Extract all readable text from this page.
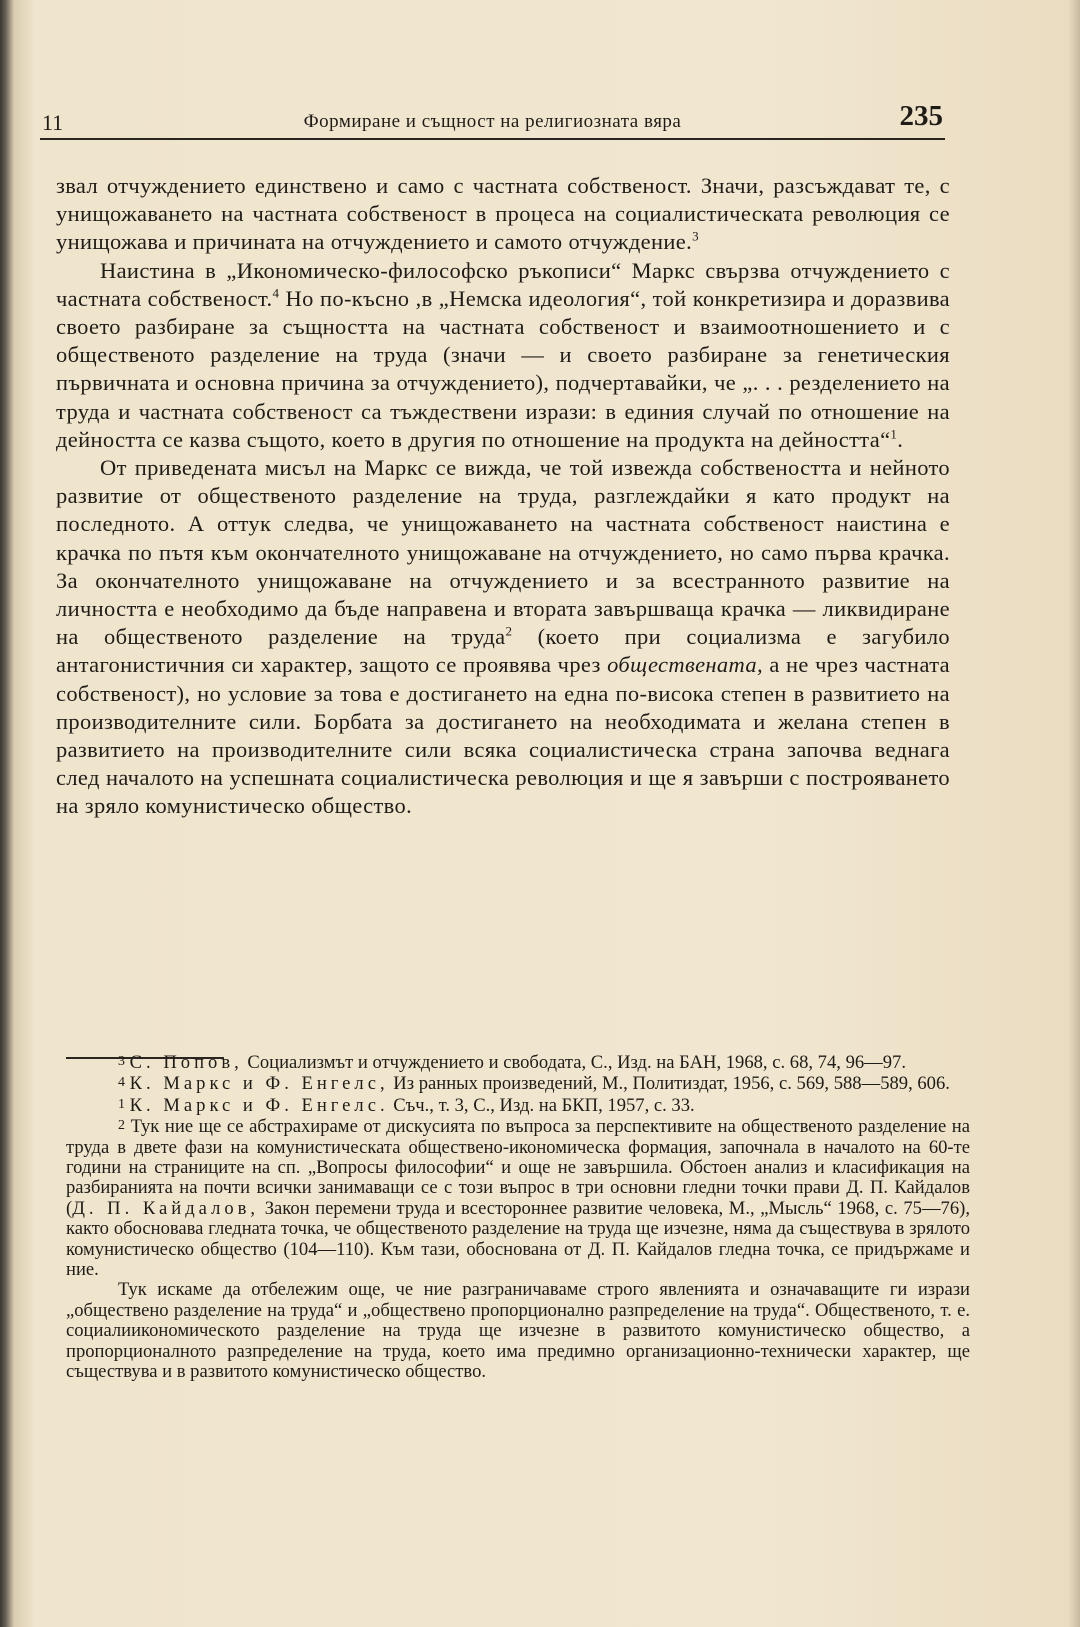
11	Формиране и същност на религиозната вяра	235

звал отчуждението единствено и само с частната собственост. Значи, разсъждават те, с унищожаването на частната собственост в процеса на социалистическата революция се унищожава и причината на отчуждението и самото отчуждение.$^3$

Наистина в „Икономическо-философско ръкописи“ Маркс свързва отчуждението с частната собственост.$^4$ Но по-късно ,в „Немска идеология“, той конкретизира и доразвива своето разбиране за същността на частната собственост и взаимоотношението и с общественото разделение на труда (значи — и своето разбиране за генетическия първичната и основна причина за отчуждението), подчертавайки, че „. . . резделението на труда и частната собственост са тъждествени изрази: в единия случай по отношение на дейността се казва същото, което в другия по отношение на продукта на дейността“$^1$.

От приведената мисъл на Маркс се вижда, че той извежда собствеността и нейното развитие от общественото разделение на труда, разглеждайки я като продукт на последното. А оттук следва, че унищожаването на частната собственост наистина е крачка по пътя към окончателното унищожаване на отчуждението, но само първа крачка. За окончателното унищожаване на отчуждението и за всестранното развитие на личността е необходимо да бъде направена и втората завършваща крачка — ликвидиране на общественото разделение на труда$^2$ (което при социализма е загубило антагонистичния си характер, защото се проявява чрез обществената, а не чрез частната собственост), но условие за това е достигането на една по-висока степен в развитието на производителните сили. Борбата за достигането на необходимата и желана степен в развитието на производителните сили всяка социалистическа страна започва веднага след началото на успешната социалистическа революция и ще я завърши с построяването на зряло комунистическо общество.

3 С. Попов, Социализмът и отчуждението и свободата, С., Изд. на БАН, 1968, с. 68, 74, 96—97.

4 К. Маркс и Ф. Енгелс, Из ранных произведений, М., Политиздат, 1956, с. 569, 588—589, 606.

1 К. Маркс и Ф. Енгелс. Съч., т. 3, С., Изд. на БКП, 1957, с. 33.

2 Тук ние ще се абстрахираме от дискусията по въпроса за перспективите на общественото разделение на труда в двете фази на комунистическата обществено-икономическа формация, започнала в началото на 60-те години на страниците на сп. „Вопросы философии“ и още не завършила. Обстоен анализ и класификация на разбиранията на почти всички занимаващи се с този въпрос в три основни гледни точки прави Д. П. Кайдалов (Д. П. Кайдалов, Закон перемени труда и всестороннее развитие человека, М., „Мысль“ 1968, с. 75—76), както обосновава гледната точка, че общественото разделение на труда ще изчезне, няма да съществува в зрялото комунистическо общество (104—110). Към тази, обоснована от Д. П. Кайдалов гледна точка, се придържаме и ние.

Тук искаме да отбележим още, че ние разграничаваме строго явленията и означаващите ги изрази „обществено разделение на труда“ и „обществено пропорционално разпределение на труда“. Общественото, т. е. социалиикономическото разделение на труда ще изчезне в развитото комунистическо общество, а пропорционалното разпределение на труда, което има предимно организационно-технически характер, ще съществува и в развитото комунистическо общество.
